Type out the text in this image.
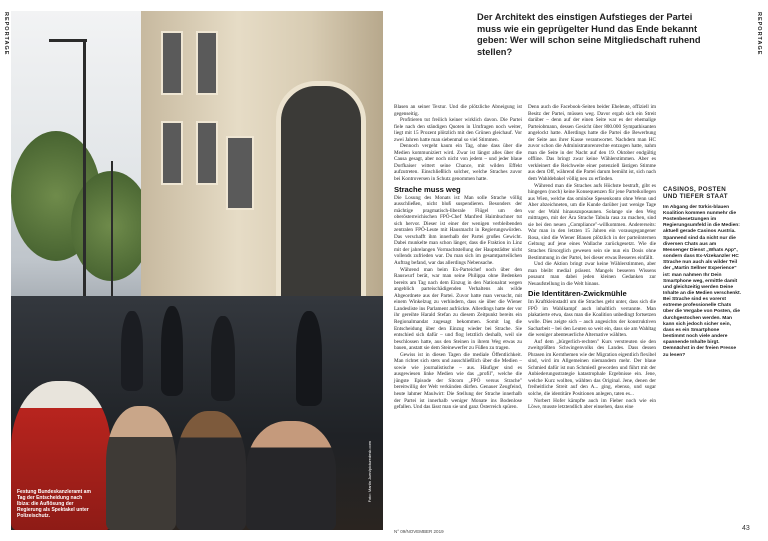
REPORTAGE	REPORTAGE
Festung Bundeskanzleramt am Tag der Entscheidung nach Ibiza: die Auflösung der Regierung als Spektakel unter Polizeischutz.
Foto: Martin Juen/picturedesk.com
Der Architekt des einstigen Aufstieges der Partei muss wie ein geprügelter Hund das Ende bekannt geben: Wer will schon seine Mitgliedschaft ruhend stellen?

Blasen an seiner Textur. Und die plötzliche Abneigung ist gegenseitig.

Profitieren tut freilich keiner wirklich davon. Die Partei fiele nach den ständigen Quoten in Umfragen noch weiter, liegt mit 15 Prozent plötzlich mit den Grünen gleichauf. Vor zwei Jahren hatte man siebenmal so viel Stimmen.

Dennoch vergeht kaum ein Tag, ohne dass über die Medien kommuniziert wird. Zwar ist längst alles über die Causa gesagt, aber noch nicht von jedem – und jeder blaue Dorfkaiser wittert seine Chance, mit wilden Effekt aufzutreten. Einschließlich solcher, welche Straches zuvor bei Kontroversen in Schutz genommen hatte.

Strache muss weg

Die Losung des Monats ist: Man solle Strache völlig ausschließen, nicht bloß suspendieren. Besonders der mächtige pragmatisch-liberale Flügel um den oberösterreichischen FPÖ-Chef Manfred Haimbuchner tut sich hervor. Dieser ist einer der wenigen verbleibenden zentralen FPÖ-Leute mit Hausmacht in Regierungswürden. Das verschafft ihm innerhalb der Partei großes Gewicht. Dabei munkelte man schon länger, dass die Fraktion in Linz mit der jahrelangen Vormachtstellung der Hauptstädter nicht vollends zufrieden war. Du man sich im gesamtparteilichen Auftrag befand, war das allerdings Nebensache.

Während man beim Ex-Parteichef noch über den Rauswurf berät, war man seine Philippa ohne Bedenken bereits am Tag nach dem Einzug in den Nationalrat wegen angeblich parteischädigenden Verhaltens als wilde Abgeordnete aus der Partei. Zuvor hatte man versucht, mit einem Winkelzug zu verhindern, dass sie über die Wiener Landesliste ins Parlament aufrückte. Allerdings hatte der vor ihr gereihte Harald Stefan zu diesem Zeitpunkt bereits ein Regionalmandat zugesagt bekommen. Somit lag die Entscheidung über den Einzug wieder bei Strache. Sie entschied sich dafür – und flog letztlich deshalb, weil sie beschlossen hatte, aus den Steinen in ihrem Weg etwas zu bauen, anstatt sie dem Steinewerfer zu Füßen zu tragen.

Gewiss ist in diesen Tagen die mediale Öffentlichkeit. Man richtet sich stets und ausschließlich über die Medien – sowie wie journalistische – aus. Häufiger sind es ausgewiesen linke Medien wie das „profil", welche die jüngste Episode der Sitcom „FPÖ versus Strache" bereitwillig der Welt verkünden dürfen. Genauer Zeugfeind, heute lahmer Maulwirt: Die Stellung der Strache innerhalb der Partei ist innerhalb weniger Monate ins Bodenlose gefallen. Und das lässt man sie und ganz Österreich spüren.

Denn auch die Facebook-Seiten beider Eheleute, offiziell im Besitz der Partei, müssen weg. Davor ergab sich ein Streit darüber – denn auf der einen Seite war es der ehemalige Parteiobmann, dessen Gesicht über 800.000 Sympathisanten angelockt hatte. Allerdings hatte die Partei die Bewerbung der Seite aus ihrer Kasse verantwortet. Nachdem man HC zuvor schon die Administratorenrechte entzogen hatte, nahm man die Seite in der Nacht auf den 19. Oktober endgültig offline. Das bringt zwar keine Wählerstimmen. Aber es verkleinert die Reichweite einer potenziell lästigen Stimme aus dem Off, während die Partei darum bemüht ist, sich nach dem Wahldebakel völlig neu zu erfinden.

Während man die Straches aufs Höchste bestraft, gibt es hingegen (noch) keine Konsequenzen für jene Parteikollegen aus Wien, welche das ominöse Spesenkonto ohne Wenn und Aber abzeichneten, um die Kunde darüber just wenige Tage vor der Wahl hinauszuposaunen. Solange sie den Weg mittragen, mit der Ära Strache Tabula rasa zu machen, sind sie bei den neuen „Compliance"-willkommen. Andererseits: War man in den letzten 15 Jahren ein vorausgegangener Rosa, sind die Wiener Blauen plötzlich in der parteiinternen Geltung auf jene eines Wallache zurückgesetzt. Wie die Straches fürsorglich gewesen sein sie nun ein Dosis ohne Bestimmung in der Partei, bei dieser etwas Besseres einfällt.

Und die Aktion bringt zwar keine Wählerstimmen, aber man bleibt medial präsent. Mangels besseren Wissens posaunt man dabei jeden kleinen Gedanken zur Neuaufstellung in die Welt hinaus.

Die Identitären-Zwickmühle

Im Kraftkleinstadtl um die Straches geht unter, dass sich die FPÖ im Wahlkampf auch inhaltlich verrannte. Man plakatierte etwa, dass man die Koalition unbedingt fortsetzen wolle. Dies zeigte sich – auch angesichts der konstruktiven Sacharbeit – bei den Leuten so weit ein, dass sie am Wahltag die weniger abenteuerliche Alternative wählten.

Auf dem „bürgerlich-rechten" Kurs verstreuten sie den zweitgrößten Schwingenvolks des Landes. Dass dessen Phrasen im Kernthemen wie der Migration eigentlich flexibel sind, wird im Allgemeinen niemandem mehr. Der blaue Schmied dafür ist nun Schmiedl geworden und führt mit der Anbiederungsstrategie katastrophale Ergebnisse ein. Jene, welche Kurz wollten, wählten das Original. Jene, denen der freiheitliche Streit auf den A... ging, ebenso, und sogar solche, die identitäre Positionen anlegen, taten es...

Norbert Hofer kämpfte auch im Fieber noch wie ein Löwe, musste letztendlich aber einsehen, dass eine

CASINOS, POSTEN UND TIEFER STAAT
Im Abgang der türkis-blauen Koalition kommen nunmehr die Postenbesetzungen im Regierungsumfeld in die Medien: aktuell gerade Casinos Austria. Spannend sind da nicht nur die diversen Chats aus am Messenger Dienst „Whats App", sondern dass Ex-Vizekanzler HC Strache nun auch als wilder Teil der „Martin Sellner Experience" ist: man nahmen Ihr Dein Smartphone weg, ermittle damit und gleichzeitig werden Deine Inhalte an die Medien verschenkt. Bei Strache sind es vorerst extreme professionelle Chats über die Vergabe von Posten, die durchgestochen werden. Man kann sich jedoch sicher sein, dass es ein Smartphone bestimmt noch viele andere spannende Inhalte birgt. Demnächst in der freien Presse zu lesen?
N° 09/NOVEMBER 2019	43
